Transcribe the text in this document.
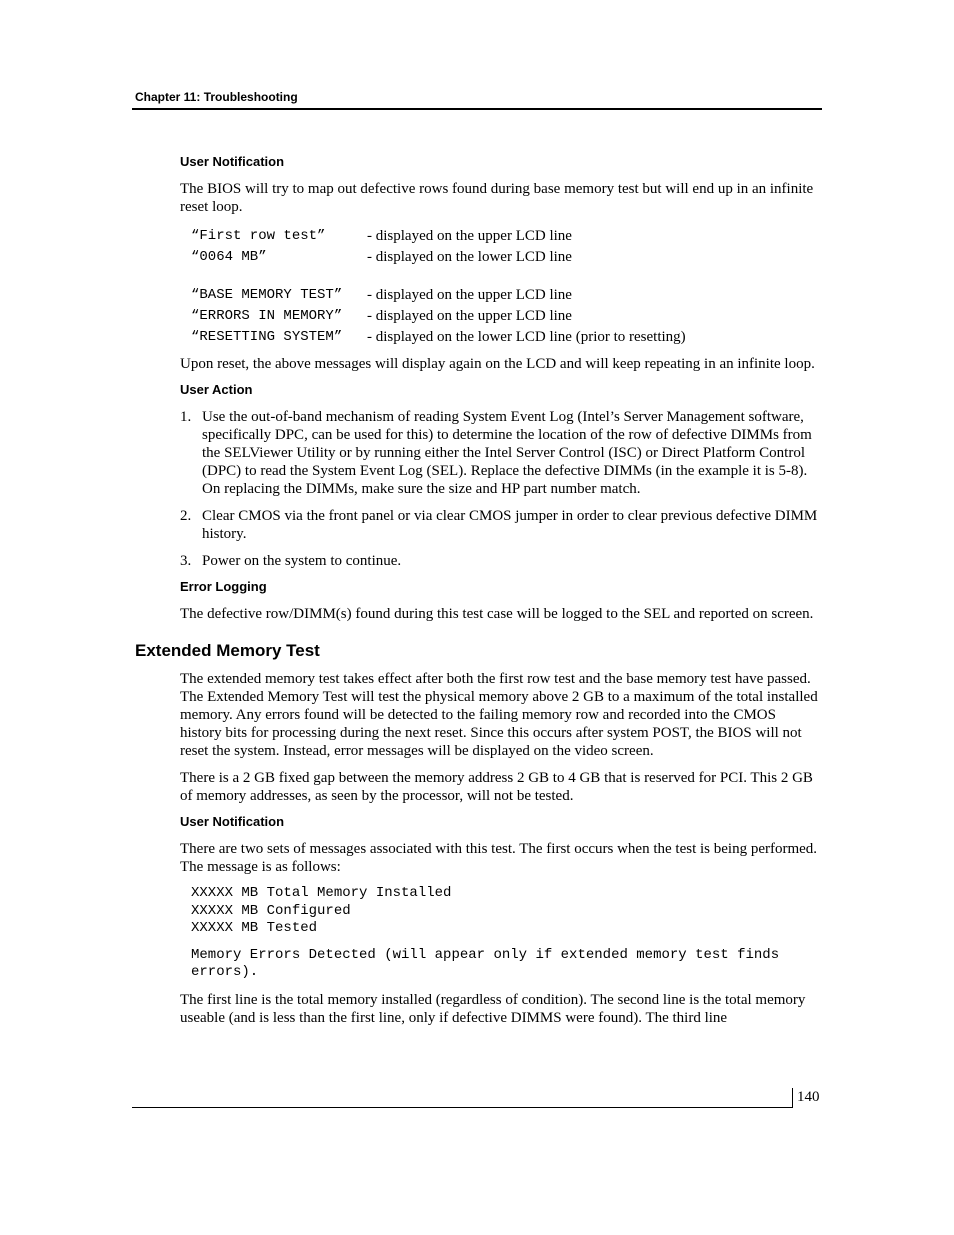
Chapter 11: Troubleshooting
User Notification

The BIOS will try to map out defective rows found during base memory test but will end up in an infinite reset loop.

“First row test”	- displayed on the upper LCD line
“0064 MB”	- displayed on the lower LCD line
“BASE MEMORY TEST”	- displayed on the upper LCD line
“ERRORS IN MEMORY”	- displayed on the upper LCD line
“RESETTING SYSTEM”	- displayed on the lower LCD line (prior to resetting)

Upon reset, the above messages will display again on the LCD and will keep repeating in an infinite loop.

User Action
1. Use the out-of-band mechanism of reading System Event Log (Intel’s Server Management software, specifically DPC, can be used for this) to determine the location of the row of defective DIMMs from the SELViewer Utility or by running either the Intel Server Control (ISC) or Direct Platform Control (DPC) to read the System Event Log (SEL). Replace the defective DIMMs (in the example it is 5-8). On replacing the DIMMs, make sure the size and HP part number match.
2. Clear CMOS via the front panel or via clear CMOS jumper in order to clear previous defective DIMM history.
3. Power on the system to continue.
Error Logging

The defective row/DIMM(s) found during this test case will be logged to the SEL and reported on screen.

Extended Memory Test

The extended memory test takes effect after both the first row test and the base memory test have passed. The Extended Memory Test will test the physical memory above 2 GB to a maximum of the total installed memory. Any errors found will be detected to the failing memory row and recorded into the CMOS history bits for processing during the next reset. Since this occurs after system POST, the BIOS will not reset the system. Instead, error messages will be displayed on the video screen.

There is a 2 GB fixed gap between the memory address 2 GB to 4 GB that is reserved for PCI. This 2 GB of memory addresses, as seen by the processor, will not be tested.

User Notification

There are two sets of messages associated with this test. The first occurs when the test is being performed. The message is as follows:

XXXXX MB Total Memory Installed
XXXXX MB Configured
XXXXX MB Tested
Memory Errors Detected (will appear only if extended memory test finds errors).

The first line is the total memory installed (regardless of condition). The second line is the total memory useable (and is less than the first line, only if defective DIMMS were found). The third line

140
